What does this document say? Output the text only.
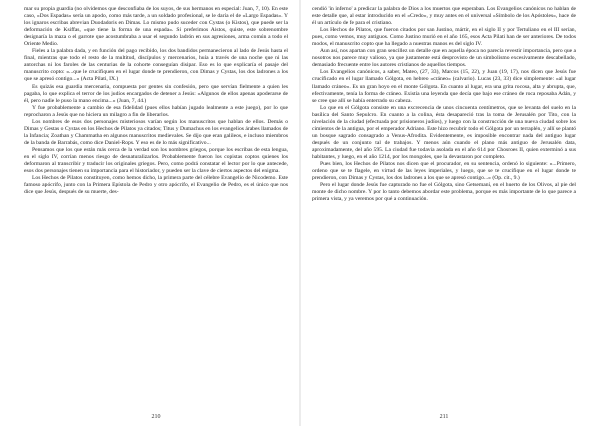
mar su propia guardia (no olvidemos que desconfiaba de los suyos, de sus hermanos en especial: Juan, 7, 10). En este caso, «Dos Espadas» sería un apodo, como más tarde, a un soldado profesional, se le daría el de «Largo Espadas». Y los ignaros escribas abrevian Duodadoris en Dimas. Lo mismo pudo suceder con Cystas (o Kistos), que puede ser la deformación de Ksiffas, «que tiene la forma de una espada». Si preferimos Aistos, quiste, este sobrenombre designaría la maza o el garrote que acostumbraba a usar el segundo ladrón en sus agresiones, arma común a todo el Oriente Medio.

Fieles a la palabra dada, y en función del pago recibido, los dos bandidos permanecieron al lado de Jesús hasta el final, mientras que todo el resto de la multitud, discípulos y mercenarios, huía a través de una noche que ni las antorchas ni los faroles de las centurias de la cohorte conseguían disipar. Eso es lo que explicaría el pasaje del manuscrito copto: «...que le crucifiquen en el lugar donde te prendieron, con Dimas y Cystas, los dos ladrones a los que se apresó contigo...» (Acta Pilati, IX.)

Es quizás esa guardia mercenaria, compuesta por gentes sin confesión, pero que servían fielmente a quien les pagaba, lo que explica el terror de los judíos encargados de detener a Jesús: «Algunos de ellos apenas apoderarse de él, pero nadie le puso la mano encima...» (Juan, 7, 44.)

Y fue probablemente a cambio de esa fidelidad (pues ellos habían jugado lealmente a este juego), por lo que reprocharon a Jesús que no hiciera un milagro a fin de liberarlos.

Los nombres de esos dos personajes misteriosos varían según los manuscritos que hablan de ellos. Demás o Dimas y Gestas o Cystas en los Hechos de Pilatos ya citados; Titus y Dumachus en los evangelios árabes llamados de la Infancia; Zoathan y Chammatha en algunos manuscritos medievales. Se dijo que eran galileos, e incluso miembros de la banda de Barrabás, como dice Daniel-Rops. Y eso es de lo más significativo...

Pensamos que los que están más cerca de la verdad son los nombres griegos, porque los escribas de esta lengua, en el siglo IV, corrían menos riesgo de desnaturalizarlos. Probablemente fueron los copistas coptos quienes los deformaron al transcribir y traducir los originales griegos. Pero, como podrá constatar el lector por lo que antecede, esos dos personajes tienen su importancia para el historiador, y pueden ser la clave de ciertos aspectos del enigma.

Los Hechos de Pilatos constituyen, como hemos dicho, la primera parte del célebre Evangelio de Nicodemo. Este famoso apócrifo, junto con la Primera Epístola de Pedro y otro apócrifo, el Evangelio de Pedro, es el único que nos dice que Jesús, después de su muerte, des-

210

cendió 'in inferno' a predicar la palabra de Dios a los muertos que esperaban. Los Evangelios canónicos no hablan de este detalle que, al estar introducido en el «Credo», y muy antes en el universal «Símbolo de los Apóstoles», hace de él un artículo de fe para el cristiano.

Los Hechos de Pilatos, que fueron citados por san Justino, mártir, en el siglo II y por Tertuliano en el III serían, pues, como vemos, muy antiguos. Como Justino murió en el año 165, esos Acta Pilati han de ser anteriores. De todos modos, el manuscrito copto que ha llegado a nuestras manos es del siglo IV.

Aun así, nos apartan con gran sencillez un detalle que en aquella época no parecía revestir importancia, pero que a nosotros nos parece muy valioso, ya que justamente está desprovisto de un simbolismo excesivamente descabellado, demasiado frecuente entre los autores cristianos de aquellos tiempos.

Los Evangelios canónicos, a saber, Mateo, (27, 33), Marcos (15, 22), y Juan (19, 17), nos dicen que Jesús fue crucificado en el lugar llamado Gólgota, en hebreo «cráneo» (calvario). Lucas (23, 33) dice simplemente: «al lugar llamado cráneo». Es un gran hoyo en el monte Gólgota. En cuanto al lugar, era una grita rocosa, alta y abrupta, que, efectivamente, tenía la forma de cráneo. Existía una leyenda que decía que bajo ese cráneo de roca reposaba Adán, y se cree que allí se había enterrado su cabeza.

Lo que en el Gólgota consiste en una excrecencia de unos cincuenta centímetros, que se levanta del suelo en la basílica del Santo Sepulcro. En cuanto a la colina, ésta desapareció tras la toma de Jerusalén por Tito, con la nivelación de la ciudad (efectuada por prisioneros judíos), y luego con la construcción de una nueva ciudad sobre los cimientos de la antigua, por el emperador Adriano. Este hizo recubrir todo el Gólgota por un terraplén, y allí se plantó un bosque sagrado consagrado a Venus-Afrodita. Evidentemente, es imposible encontrar nada del antiguo lugar después de un conjunto tal de trabajos. Y menos aún cuando el plano más antiguo de Jerusalén data, aproximadamente, del año 595. La ciudad fue todavía asolada en el año 614 por Chosroes II, quien exterminó a sus habitantes, y luego, en el año 1214, por los mongoles, que la devastaron por completo.

Pues bien, los Hechos de Pilatos nos dicen que el procurador, en su sentencia, ordenó lo siguiente: «...Primero, ordeno que se te flagele, en virtud de las leyes imperiales, y luego, que se te crucifique en el lugar donde te prendieron, con Dimas y Cystas, los dos ladrones a los que se apresó contigo...» (Op. cit., 9.)

Pero el lugar donde Jesús fue capturado no fue el Gólgota, sino Getsemaní, en el huerto de los Olivos, al pie del monte de dicho nombre. Y por lo tanto debemos abordar este problema, porque es más importante de lo que parece a primera vista, y ya veremos por qué a continuación.

211
